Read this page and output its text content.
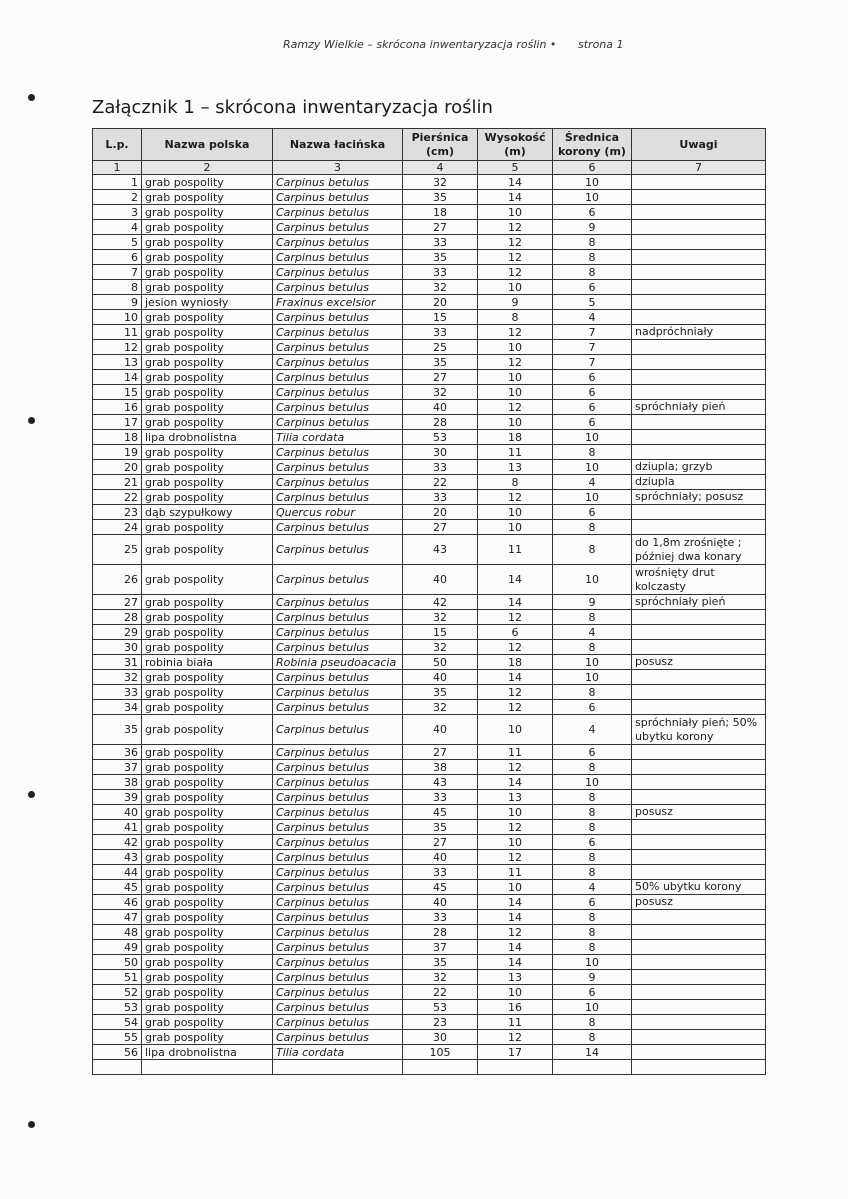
Ramzy Wielkie – skrócona inwentaryzacja roślin • strona 1
Załącznik 1 – skrócona inwentaryzacja roślin
L.p.	Nazwa polska	Nazwa łacińska	Pierśnica (cm)	Wysokość (m)	Średnica korony (m)	Uwagi
1	2	3	4	5	6	7
1	grab pospolity	Carpinus betulus	32	14	10	
2	grab pospolity	Carpinus betulus	35	14	10	
3	grab pospolity	Carpinus betulus	18	10	6	
4	grab pospolity	Carpinus betulus	27	12	9	
5	grab pospolity	Carpinus betulus	33	12	8	
6	grab pospolity	Carpinus betulus	35	12	8	
7	grab pospolity	Carpinus betulus	33	12	8	
8	grab pospolity	Carpinus betulus	32	10	6	
9	jesion wyniosły	Fraxinus excelsior	20	9	5	
10	grab pospolity	Carpinus betulus	15	8	4	
11	grab pospolity	Carpinus betulus	33	12	7	nadpróchniały
12	grab pospolity	Carpinus betulus	25	10	7	
13	grab pospolity	Carpinus betulus	35	12	7	
14	grab pospolity	Carpinus betulus	27	10	6	
15	grab pospolity	Carpinus betulus	32	10	6	
16	grab pospolity	Carpinus betulus	40	12	6	spróchniały pień
17	grab pospolity	Carpinus betulus	28	10	6	
18	lipa drobnolistna	Tilia cordata	53	18	10	
19	grab pospolity	Carpinus betulus	30	11	8	
20	grab pospolity	Carpinus betulus	33	13	10	dziupla; grzyb
21	grab pospolity	Carpinus betulus	22	8	4	dziupla
22	grab pospolity	Carpinus betulus	33	12	10	spróchniały; posusz
23	dąb szypułkowy	Quercus robur	20	10	6	
24	grab pospolity	Carpinus betulus	27	10	8	
25	grab pospolity	Carpinus betulus	43	11	8	do 1,8m zrośnięte ; później dwa konary
26	grab pospolity	Carpinus betulus	40	14	10	wrośnięty drut kolczasty
27	grab pospolity	Carpinus betulus	42	14	9	spróchniały pień
28	grab pospolity	Carpinus betulus	32	12	8	
29	grab pospolity	Carpinus betulus	15	6	4	
30	grab pospolity	Carpinus betulus	32	12	8	
31	robinia biała	Robinia pseudoacacia	50	18	10	posusz
32	grab pospolity	Carpinus betulus	40	14	10	
33	grab pospolity	Carpinus betulus	35	12	8	
34	grab pospolity	Carpinus betulus	32	12	6	
35	grab pospolity	Carpinus betulus	40	10	4	spróchniały pień; 50% ubytku korony
36	grab pospolity	Carpinus betulus	27	11	6	
37	grab pospolity	Carpinus betulus	38	12	8	
38	grab pospolity	Carpinus betulus	43	14	10	
39	grab pospolity	Carpinus betulus	33	13	8	
40	grab pospolity	Carpinus betulus	45	10	8	posusz
41	grab pospolity	Carpinus betulus	35	12	8	
42	grab pospolity	Carpinus betulus	27	10	6	
43	grab pospolity	Carpinus betulus	40	12	8	
44	grab pospolity	Carpinus betulus	33	11	8	
45	grab pospolity	Carpinus betulus	45	10	4	50% ubytku korony
46	grab pospolity	Carpinus betulus	40	14	6	posusz
47	grab pospolity	Carpinus betulus	33	14	8	
48	grab pospolity	Carpinus betulus	28	12	8	
49	grab pospolity	Carpinus betulus	37	14	8	
50	grab pospolity	Carpinus betulus	35	14	10	
51	grab pospolity	Carpinus betulus	32	13	9	
52	grab pospolity	Carpinus betulus	22	10	6	
53	grab pospolity	Carpinus betulus	53	16	10	
54	grab pospolity	Carpinus betulus	23	11	8	
55	grab pospolity	Carpinus betulus	30	12	8	
56	lipa drobnolistna	Tilia cordata	105	17	14	
